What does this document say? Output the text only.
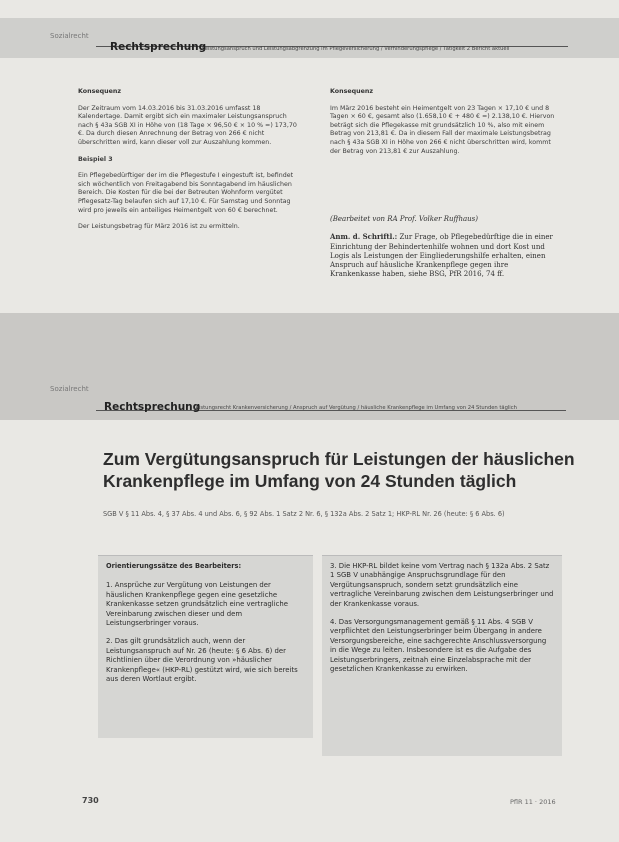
Sozialrecht
Rechtsprechung
Leistungsanspruch und Leistungsabgrenzung im Pflegeversicherung / Verhinderungspflege / Tätigkeit 2 Bericht aktuell
Konsequenz

Der Zeitraum vom 14.03.2016 bis 31.03.2016 umfasst 18 Kalendertage. Damit ergibt sich ein maximaler Leistungsanspruch nach § 43a SGB XI in Höhe von (18 Tage × 96,50 € × 10 % =) 173,70 €. Da durch diesen Anrechnung der Betrag von 266 € nicht überschritten wird, kann dieser voll zur Auszahlung kommen.

Beispiel 3

Ein Pflegebedürftiger der im die Pflegestufe I eingestuft ist, befindet sich wöchentlich von Freitagabend bis Sonntagabend im häuslichen Bereich. Die Kosten für die bei der Betreuten Wohnform vergütet Pflegesatz-Tag belaufen sich auf 17,10 €. Für Samstag und Sonntag wird pro jeweils ein anteiliges Heimentgelt von 60 € berechnet.

Der Leistungsbetrag für März 2016 ist zu ermitteln.

Konsequenz

Im März 2016 besteht ein Heimentgelt von 23 Tagen × 17,10 € und 8 Tagen × 60 €, gesamt also (1.658,10 € + 480 € =) 2.138,10 €. Hiervon beträgt sich die Pflegekasse mit grundsätzlich 10 %, also mit einem Betrag von 213,81 €. Da in diesem Fall der maximale Leistungsbetrag nach § 43a SGB XI in Höhe von 266 € nicht überschritten wird, kommt der Betrag von 213,81 € zur Auszahlung.

(Bearbeitet von RA Prof. Volker Ruffhaus)

Anm. d. Schriftl.: Zur Frage, ob Pflegebedürftige die in einer Einrichtung der Behindertenhilfe wohnen und dort Kost und Logis als Leistungen der Eingliederungshilfe erhalten, einen Anspruch auf häusliche Krankenpflege gegen ihre Krankenkasse haben, siehe BSG, PfR 2016, 74 ff.

Sozialrecht
Rechtsprechung
Leistungsrecht Krankenversicherung / Anspruch auf Vergütung / häusliche Krankenpflege im Umfang von 24 Stunden täglich
Zum Vergütungsanspruch für Leistungen der häuslichen Krankenpflege im Umfang von 24 Stunden täglich
SGB V § 11 Abs. 4, § 37 Abs. 4 und Abs. 6, § 92 Abs. 1 Satz 2 Nr. 6, § 132a Abs. 2 Satz 1; HKP-RL Nr. 26 (heute: § 6 Abs. 6)
Orientierungssätze des Bearbeiters:

1. Ansprüche zur Vergütung von Leistungen der häuslichen Krankenpflege gegen eine gesetzliche Krankenkasse setzen grundsätzlich eine vertragliche Vereinbarung zwischen dieser und dem Leistungserbringer voraus.

2. Das gilt grundsätzlich auch, wenn der Leistungsanspruch auf Nr. 26 (heute: § 6 Abs. 6) der Richtlinien über die Verordnung von »häuslicher Krankenpflege« (HKP-RL) gestützt wird, wie sich bereits aus deren Wortlaut ergibt.

3. Die HKP-RL bildet keine vom Vertrag nach § 132a Abs. 2 Satz 1 SGB V unabhängige Anspruchsgrundlage für den Vergütungsanspruch, sondern setzt grundsätzlich eine vertragliche Vereinbarung zwischen dem Leistungserbringer und der Krankenkasse voraus.

4. Das Versorgungsmanagement gemäß § 11 Abs. 4 SGB V verpflichtet den Leistungserbringer beim Übergang in andere Versorgungsbereiche, eine sachgerechte Anschlussversorgung in die Wege zu leiten. Insbesondere ist es die Aufgabe des Leistungserbringers, zeitnah eine Einzelabsprache mit der gesetzlichen Krankenkasse zu erwirken.

730	PflR 11 · 2016
